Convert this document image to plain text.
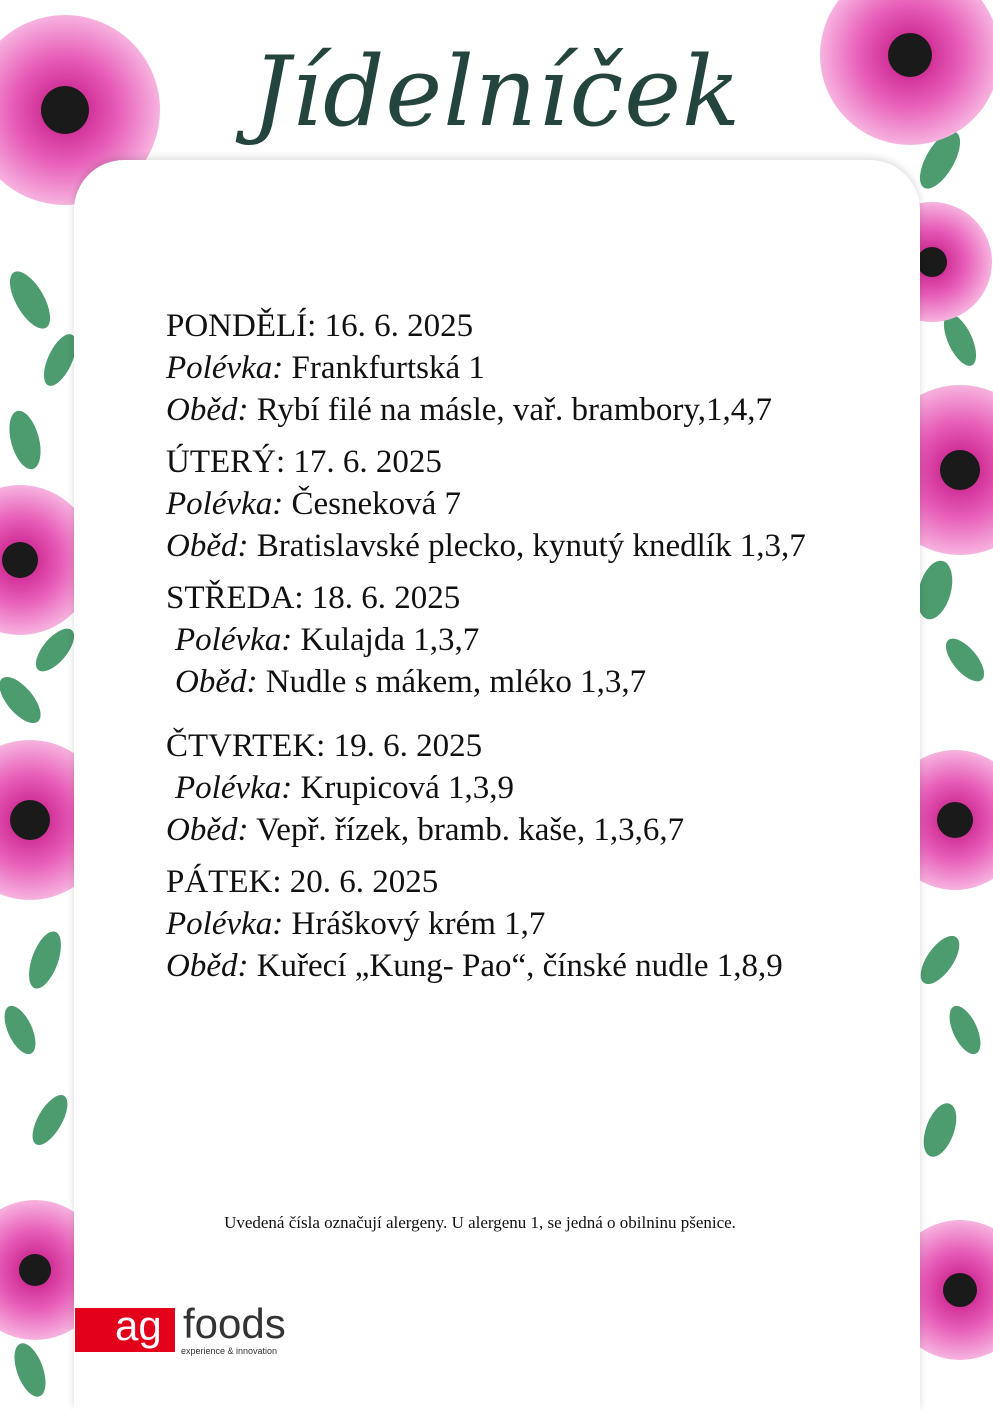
Jídelníček

PONDĚLÍ: 16. 6. 2025

Polévka: Frankfurtská 1

Oběd: Rybí filé na másle, vař. brambory,1,4,7

ÚTERÝ: 17. 6. 2025

Polévka: Česneková 7

Oběd: Bratislavské plecko, kynutý knedlík 1,3,7

STŘEDA: 18. 6. 2025

Polévka: Kulajda 1,3,7

Oběd: Nudle s mákem, mléko 1,3,7

ČTVRTEK: 19. 6. 2025

Polévka: Krupicová 1,3,9

Oběd: Vepř. řízek, bramb. kaše, 1,3,6,7

PÁTEK: 20. 6. 2025

Polévka: Hráškový krém 1,7

Oběd: Kuřecí „Kung- Pao“, čínské nudle 1,8,9

Uvedená čísla označují alergeny. U alergenu 1, se jedná o obilninu pšenice.
ag foods
experience & innovation
